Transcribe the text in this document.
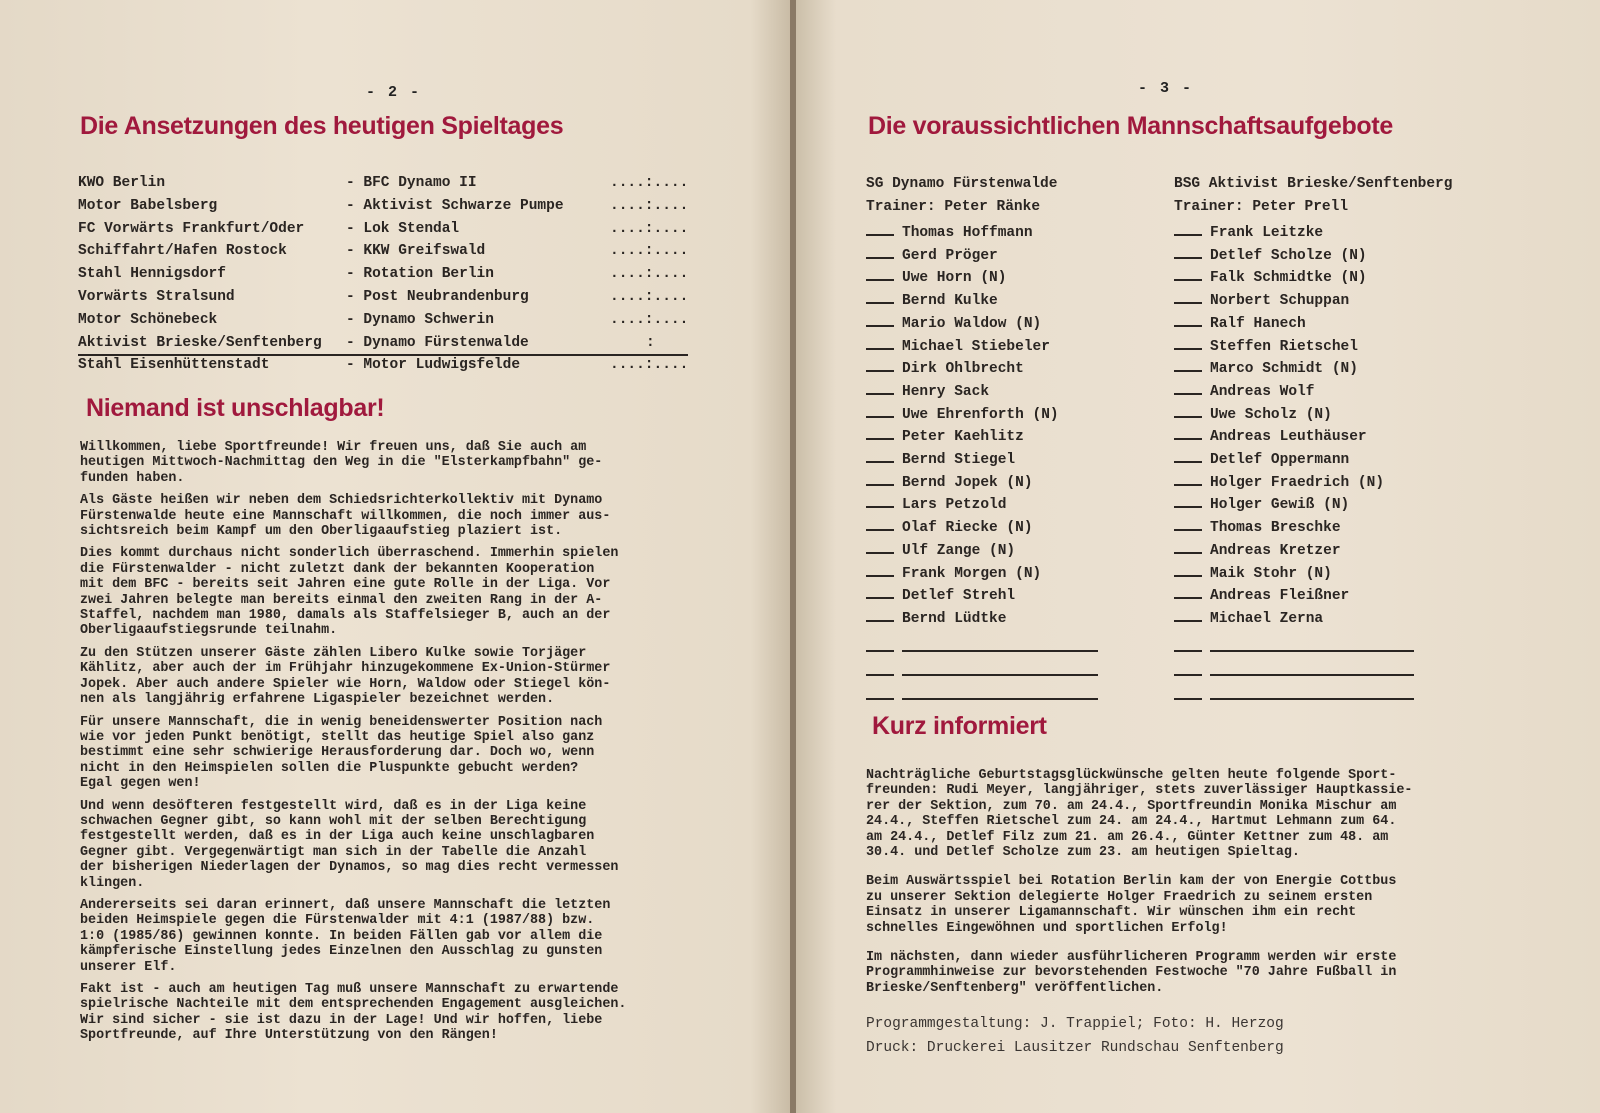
- 2 -
Die Ansetzungen des heutigen Spieltages
KWO Berlin	- BFC Dynamo II	....:....
Motor Babelsberg	- Aktivist Schwarze Pumpe	....:....
FC Vorwärts Frankfurt/Oder	- Lok Stendal	....:....
Schiffahrt/Hafen Rostock	- KKW Greifswald	....:....
Stahl Hennigsdorf	- Rotation Berlin	....:....
Vorwärts Stralsund	- Post Neubrandenburg	....:....
Motor Schönebeck	- Dynamo Schwerin	....:....
Aktivist Brieske/Senftenberg - Dynamo Fürstenwalde	:
Stahl Eisenhüttenstadt	- Motor Ludwigsfelde	....:....
Niemand ist unschlagbar!

Willkommen, liebe Sportfreunde! Wir freuen uns, daß Sie auch am
heutigen Mittwoch-Nachmittag den Weg in die "Elsterkampfbahn" ge-
funden haben.

Als Gäste heißen wir neben dem Schiedsrichterkollektiv mit Dynamo
Fürstenwalde heute eine Mannschaft willkommen, die noch immer aus-
sichtsreich beim Kampf um den Oberligaaufstieg plaziert ist.

Dies kommt durchaus nicht sonderlich überraschend. Immerhin spielen
die Fürstenwalder - nicht zuletzt dank der bekannten Kooperation
mit dem BFC - bereits seit Jahren eine gute Rolle in der Liga. Vor
zwei Jahren belegte man bereits einmal den zweiten Rang in der A-
Staffel, nachdem man 1980, damals als Staffelsieger B, auch an der
Oberligaaufstiegsrunde teilnahm.

Zu den Stützen unserer Gäste zählen Libero Kulke sowie Torjäger
Kählitz, aber auch der im Frühjahr hinzugekommene Ex-Union-Stürmer
Jopek. Aber auch andere Spieler wie Horn, Waldow oder Stiegel kön-
nen als langjährig erfahrene Ligaspieler bezeichnet werden.

Für unsere Mannschaft, die in wenig beneidenswerter Position nach
wie vor jeden Punkt benötigt, stellt das heutige Spiel also ganz
bestimmt eine sehr schwierige Herausforderung dar. Doch wo, wenn
nicht in den Heimspielen sollen die Pluspunkte gebucht werden?
Egal gegen wen!

Und wenn desöfteren festgestellt wird, daß es in der Liga keine
schwachen Gegner gibt, so kann wohl mit der selben Berechtigung
festgestellt werden, daß es in der Liga auch keine unschlagbaren
Gegner gibt. Vergegenwärtigt man sich in der Tabelle die Anzahl
der bisherigen Niederlagen der Dynamos, so mag dies recht vermessen
klingen.

Andererseits sei daran erinnert, daß unsere Mannschaft die letzten
beiden Heimspiele gegen die Fürstenwalder mit 4:1 (1987/88) bzw.
1:0 (1985/86) gewinnen konnte. In beiden Fällen gab vor allem die
kämpferische Einstellung jedes Einzelnen den Ausschlag zu gunsten
unserer Elf.

Fakt ist - auch am heutigen Tag muß unsere Mannschaft zu erwartende
spielrische Nachteile mit dem entsprechenden Engagement ausgleichen.
Wir sind sicher - sie ist dazu in der Lage! Und wir hoffen, liebe
Sportfreunde, auf Ihre Unterstützung von den Rängen!

- 3 -
Die voraussichtlichen Mannschaftsaufgebote
SG Dynamo Fürstenwalde
Trainer: Peter Ränke
BSG Aktivist Brieske/Senftenberg
Trainer: Peter Prell
Thomas Hoffmann
Gerd Pröger
Uwe Horn (N)
Bernd Kulke
Mario Waldow (N)
Michael Stiebeler
Dirk Ohlbrecht
Henry Sack
Uwe Ehrenforth (N)
Peter Kaehlitz
Bernd Stiegel
Bernd Jopek (N)
Lars Petzold
Olaf Riecke (N)
Ulf Zange (N)
Frank Morgen (N)
Detlef Strehl
Bernd Lüdtke
Frank Leitzke
Detlef Scholze (N)
Falk Schmidtke (N)
Norbert Schuppan
Ralf Hanech
Steffen Rietschel
Marco Schmidt (N)
Andreas Wolf
Uwe Scholz (N)
Andreas Leuthäuser
Detlef Oppermann
Holger Fraedrich (N)
Holger Gewiß (N)
Thomas Breschke
Andreas Kretzer
Maik Stohr (N)
Andreas Fleißner
Michael Zerna
Kurz informiert

Nachträgliche Geburtstagsglückwünsche gelten heute folgende Sport-
freunden: Rudi Meyer, langjähriger, stets zuverlässiger Hauptkassie-
rer der Sektion, zum 70. am 24.4., Sportfreundin Monika Mischur am
24.4., Steffen Rietschel zum 24. am 24.4., Hartmut Lehmann zum 64.
am 24.4., Detlef Filz zum 21. am 26.4., Günter Kettner zum 48. am
30.4. und Detlef Scholze zum 23. am heutigen Spieltag.

Beim Auswärtsspiel bei Rotation Berlin kam der von Energie Cottbus
zu unserer Sektion delegierte Holger Fraedrich zu seinem ersten
Einsatz in unserer Ligamannschaft. Wir wünschen ihm ein recht
schnelles Eingewöhnen und sportlichen Erfolg!

Im nächsten, dann wieder ausführlicheren Programm werden wir erste
Programmhinweise zur bevorstehenden Festwoche "70 Jahre Fußball in
Brieske/Senftenberg" veröffentlichen.

Programmgestaltung: J. Trappiel; Foto: H. Herzog
Druck: Druckerei Lausitzer Rundschau Senftenberg
